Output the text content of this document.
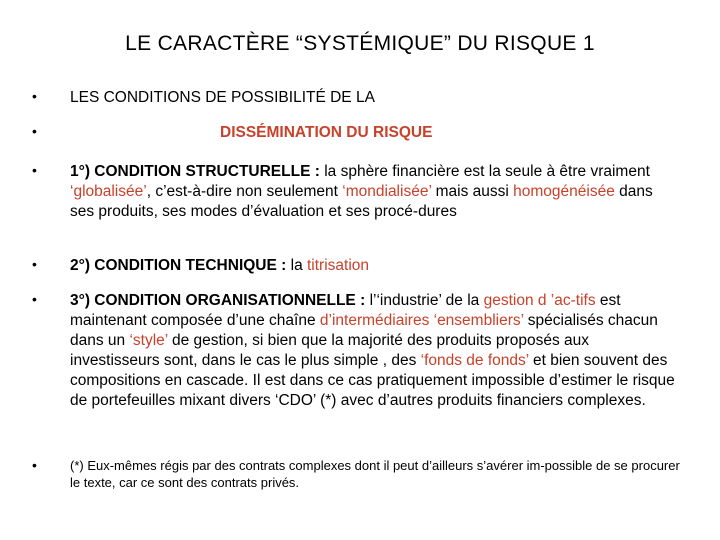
LE CARACTÈRE “SYSTÉMIQUE” DU RISQUE 1
• LES CONDITIONS DE POSSIBILITÉ DE LA
•	DISSÉMINATION DU RISQUE
• 1°) CONDITION STRUCTURELLE : la sphère financière est la seule à être vraiment ‘globalisée’, c’est-à-dire non seulement ‘mondialisée’ mais aussi homogénéisée dans ses produits, ses modes d’évaluation et ses procé-dures
• 2°) CONDITION TECHNIQUE : la titrisation
• 3°) CONDITION ORGANISATIONNELLE : l’‘industrie’ de la gestion d ’ac-tifs est maintenant composée d’une chaîne d’intermédiaires ‘ensembliers’ spécialisés chacun dans un ‘style’ de gestion, si bien que la majorité des produits proposés aux investisseurs sont, dans le cas le plus simple , des ‘fonds de fonds’ et bien souvent des compositions en cascade. Il est dans ce cas pratiquement impossible d’estimer le risque de portefeuilles mixant divers ‘CDO’ (*) avec d’autres produits financiers complexes.
•	(*) Eux-mêmes régis par des contrats complexes dont il peut d’ailleurs s’avérer im-possible de se procurer le texte, car ce sont des contrats privés.
